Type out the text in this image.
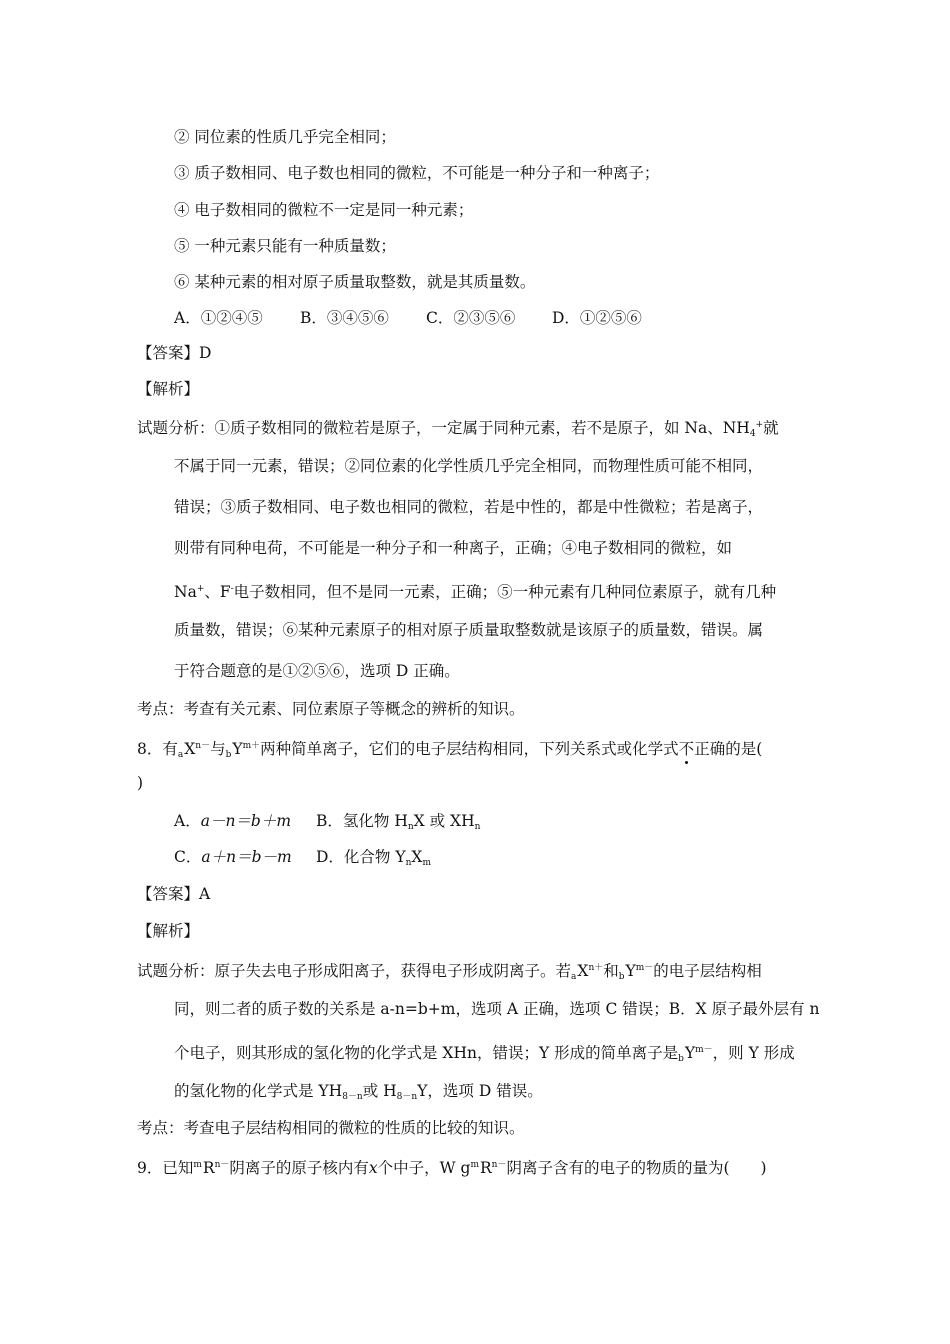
② 同位素的性质几乎完全相同；
③ 质子数相同、电子数也相同的微粒，不可能是一种分子和一种离子；
④ 电子数相同的微粒不一定是同一种元素；
⑤ 一种元素只能有一种质量数；
⑥ 某种元素的相对原子质量取整数，就是其质量数。
A．①②④⑤ B．③④⑤⑥ C．②③⑤⑥ D．①②⑤⑥
【答案】D
【解析】
试题分析：①质子数相同的微粒若是原子，一定属于同种元素，若不是原子，如 Na、$NH_4^+$就
不属于同一元素，错误；②同位素的化学性质几乎完全相同，而物理性质可能不相同，
错误；③质子数相同、电子数也相同的微粒，若是中性的，都是中性微粒；若是离子，
则带有同种电荷，不可能是一种分子和一种离子，正确；④电子数相同的微粒，如
Na+、F-电子数相同，但不是同一元素，正确；⑤一种元素有几种同位素原子，就有几种
质量数，错误；⑥某种元素原子的相对原子质量取整数就是该原子的质量数，错误。属
于符合题意的是①②⑤⑥，选项 D 正确。
考点：考查有关元素、同位素原子等概念的辨析的知识。
8．有$aX^{n-}$与$bY^{m+}$两种简单离子，它们的电子层结构相同，下列关系式或化学式不正确的是(
)
A．a－n＝b＋m B．氢化物 $H_nX$ 或 $XH_n$
C．a＋n＝b－m D．化合物 $Y_nX_m$
【答案】A
【解析】
试题分析：原子失去电子形成阳离子，获得电子形成阴离子。若$aX^{n+}$和$bY^{m-}$的电子层结构相
同，则二者的质子数的关系是 a-n=b+m，选项 A 正确，选项 C 错误；B．X 原子最外层有 n
个电子，则其形成的氢化物的化学式是 XHn，错误；Y 形成的简单离子是$bY^{m-}$，则 Y 形成
的氢化物的化学式是 $YH_{8-n}$或 $H_{8-n}Y$，选项 D 错误。
考点：考查电子层结构相同的微粒的性质的比较的知识。
9．已知$^mR^{n-}$阴离子的原子核内有x个中子，W $g^mR^{n-}$阴离子含有的电子的物质的量为(　　)
